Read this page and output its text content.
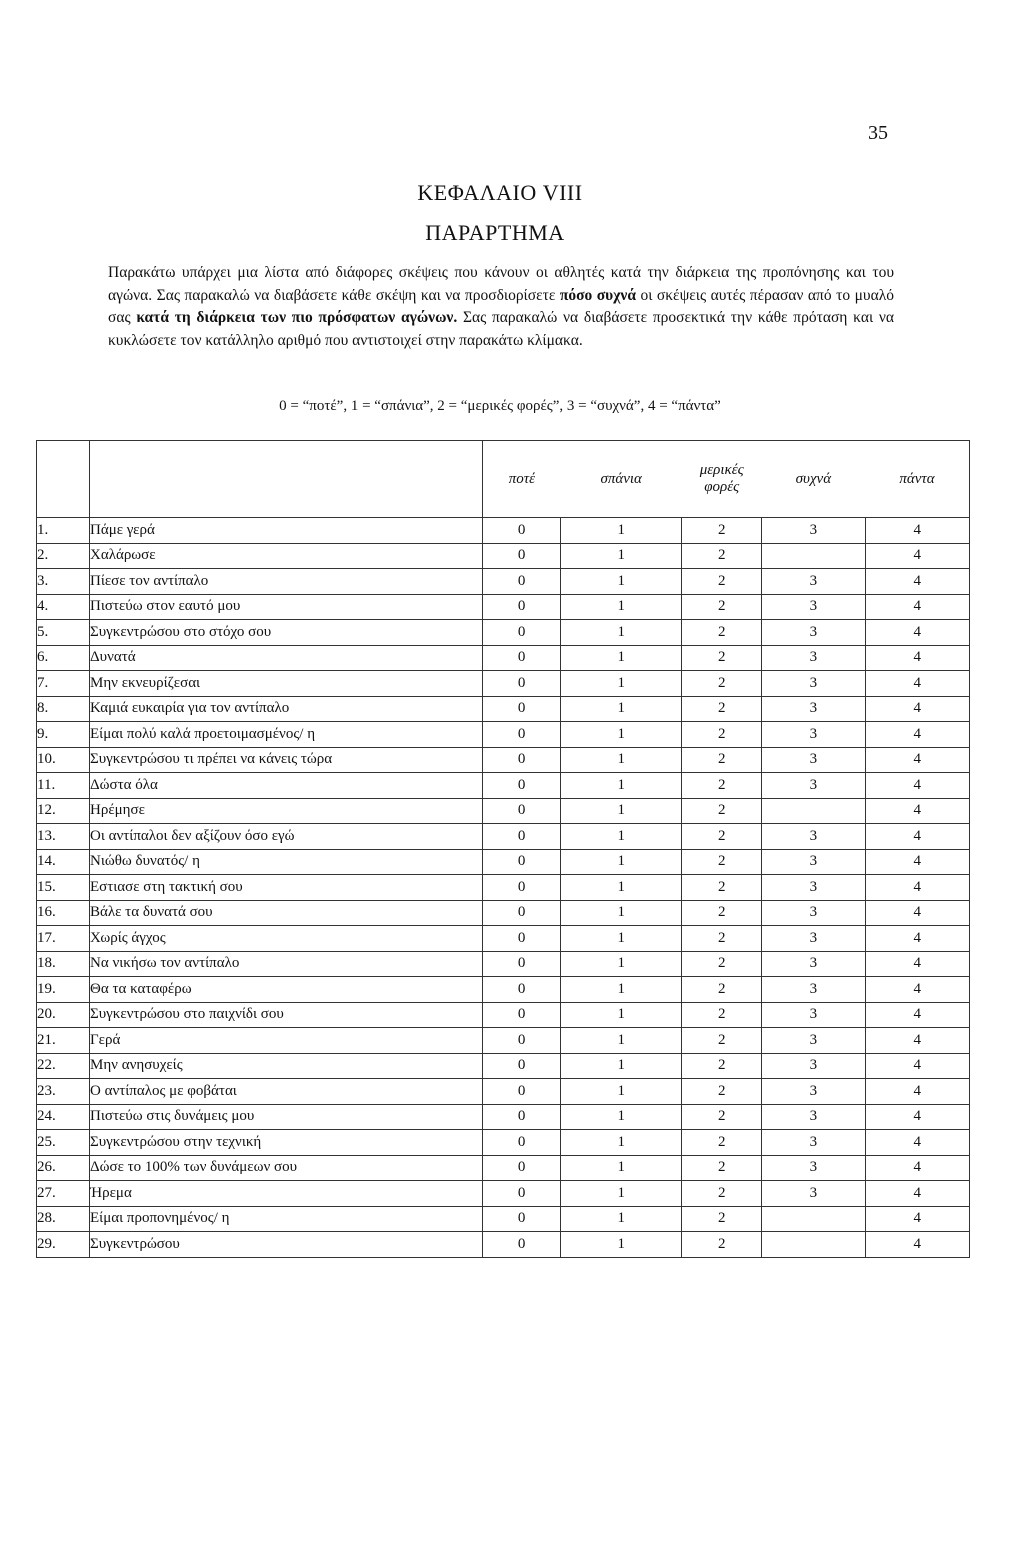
35
ΚΕΦΑΛΑΙΟ VIII
ΠΑΡΑΡΤΗΜΑ
Παρακάτω υπάρχει μια λίστα από διάφορες σκέψεις που κάνουν οι αθλητές κατά την διάρκεια της προπόνησης και του αγώνα. Σας παρακαλώ να διαβάσετε κάθε σκέψη και να προσδιορίσετε πόσο συχνά οι σκέψεις αυτές πέρασαν από το μυαλό σας κατά τη διάρκεια των πιο πρόσφατων αγώνων. Σας παρακαλώ να διαβάσετε προσεκτικά την κάθε πρόταση και να κυκλώσετε τον κατάλληλο αριθμό που αντιστοιχεί στην παρακάτω κλίμακα.
0 = “ποτέ”, 1 = “σπάνια”, 2 = “μερικές φορές”, 3 = “συχνά”, 4 = “πάντα”
		ποτέ	σπάνια	μερικές φορές	συχνά	πάντα
1.	Πάμε γερά	0	1	2	3	4
2.	Χαλάρωσε	0	1	2		4
3.	Πίεσε τον αντίπαλο	0	1	2	3	4
4.	Πιστεύω στον εαυτό μου	0	1	2	3	4
5.	Συγκεντρώσου στο στόχο σου	0	1	2	3	4
6.	Δυνατά	0	1	2	3	4
7.	Μην εκνευρίζεσαι	0	1	2	3	4
8.	Καμιά ευκαιρία για τον αντίπαλο	0	1	2	3	4
9.	Είμαι πολύ καλά προετοιμασμένος/ η	0	1	2	3	4
10.	Συγκεντρώσου τι πρέπει να κάνεις τώρα	0	1	2	3	4
11.	Δώστα όλα	0	1	2	3	4
12.	Ηρέμησε	0	1	2		4
13.	Οι αντίπαλοι δεν αξίζουν όσο εγώ	0	1	2	3	4
14.	Νιώθω δυνατός/ η	0	1	2	3	4
15.	Εστιασε στη τακτική σου	0	1	2	3	4
16.	Βάλε τα δυνατά σου	0	1	2	3	4
17.	Χωρίς άγχος	0	1	2	3	4
18.	Να νικήσω τον αντίπαλο	0	1	2	3	4
19.	Θα τα καταφέρω	0	1	2	3	4
20.	Συγκεντρώσου στο παιχνίδι σου	0	1	2	3	4
21.	Γερά	0	1	2	3	4
22.	Μην ανησυχείς	0	1	2	3	4
23.	Ο αντίπαλος με φοβάται	0	1	2	3	4
24.	Πιστεύω στις δυνάμεις μου	0	1	2	3	4
25.	Συγκεντρώσου στην τεχνική	0	1	2	3	4
26.	Δώσε το 100% των δυνάμεων σου	0	1	2	3	4
27.	Ήρεμα	0	1	2	3	4
28.	Είμαι προπονημένος/ η	0	1	2		4
29.	Συγκεντρώσου	0	1	2		4
